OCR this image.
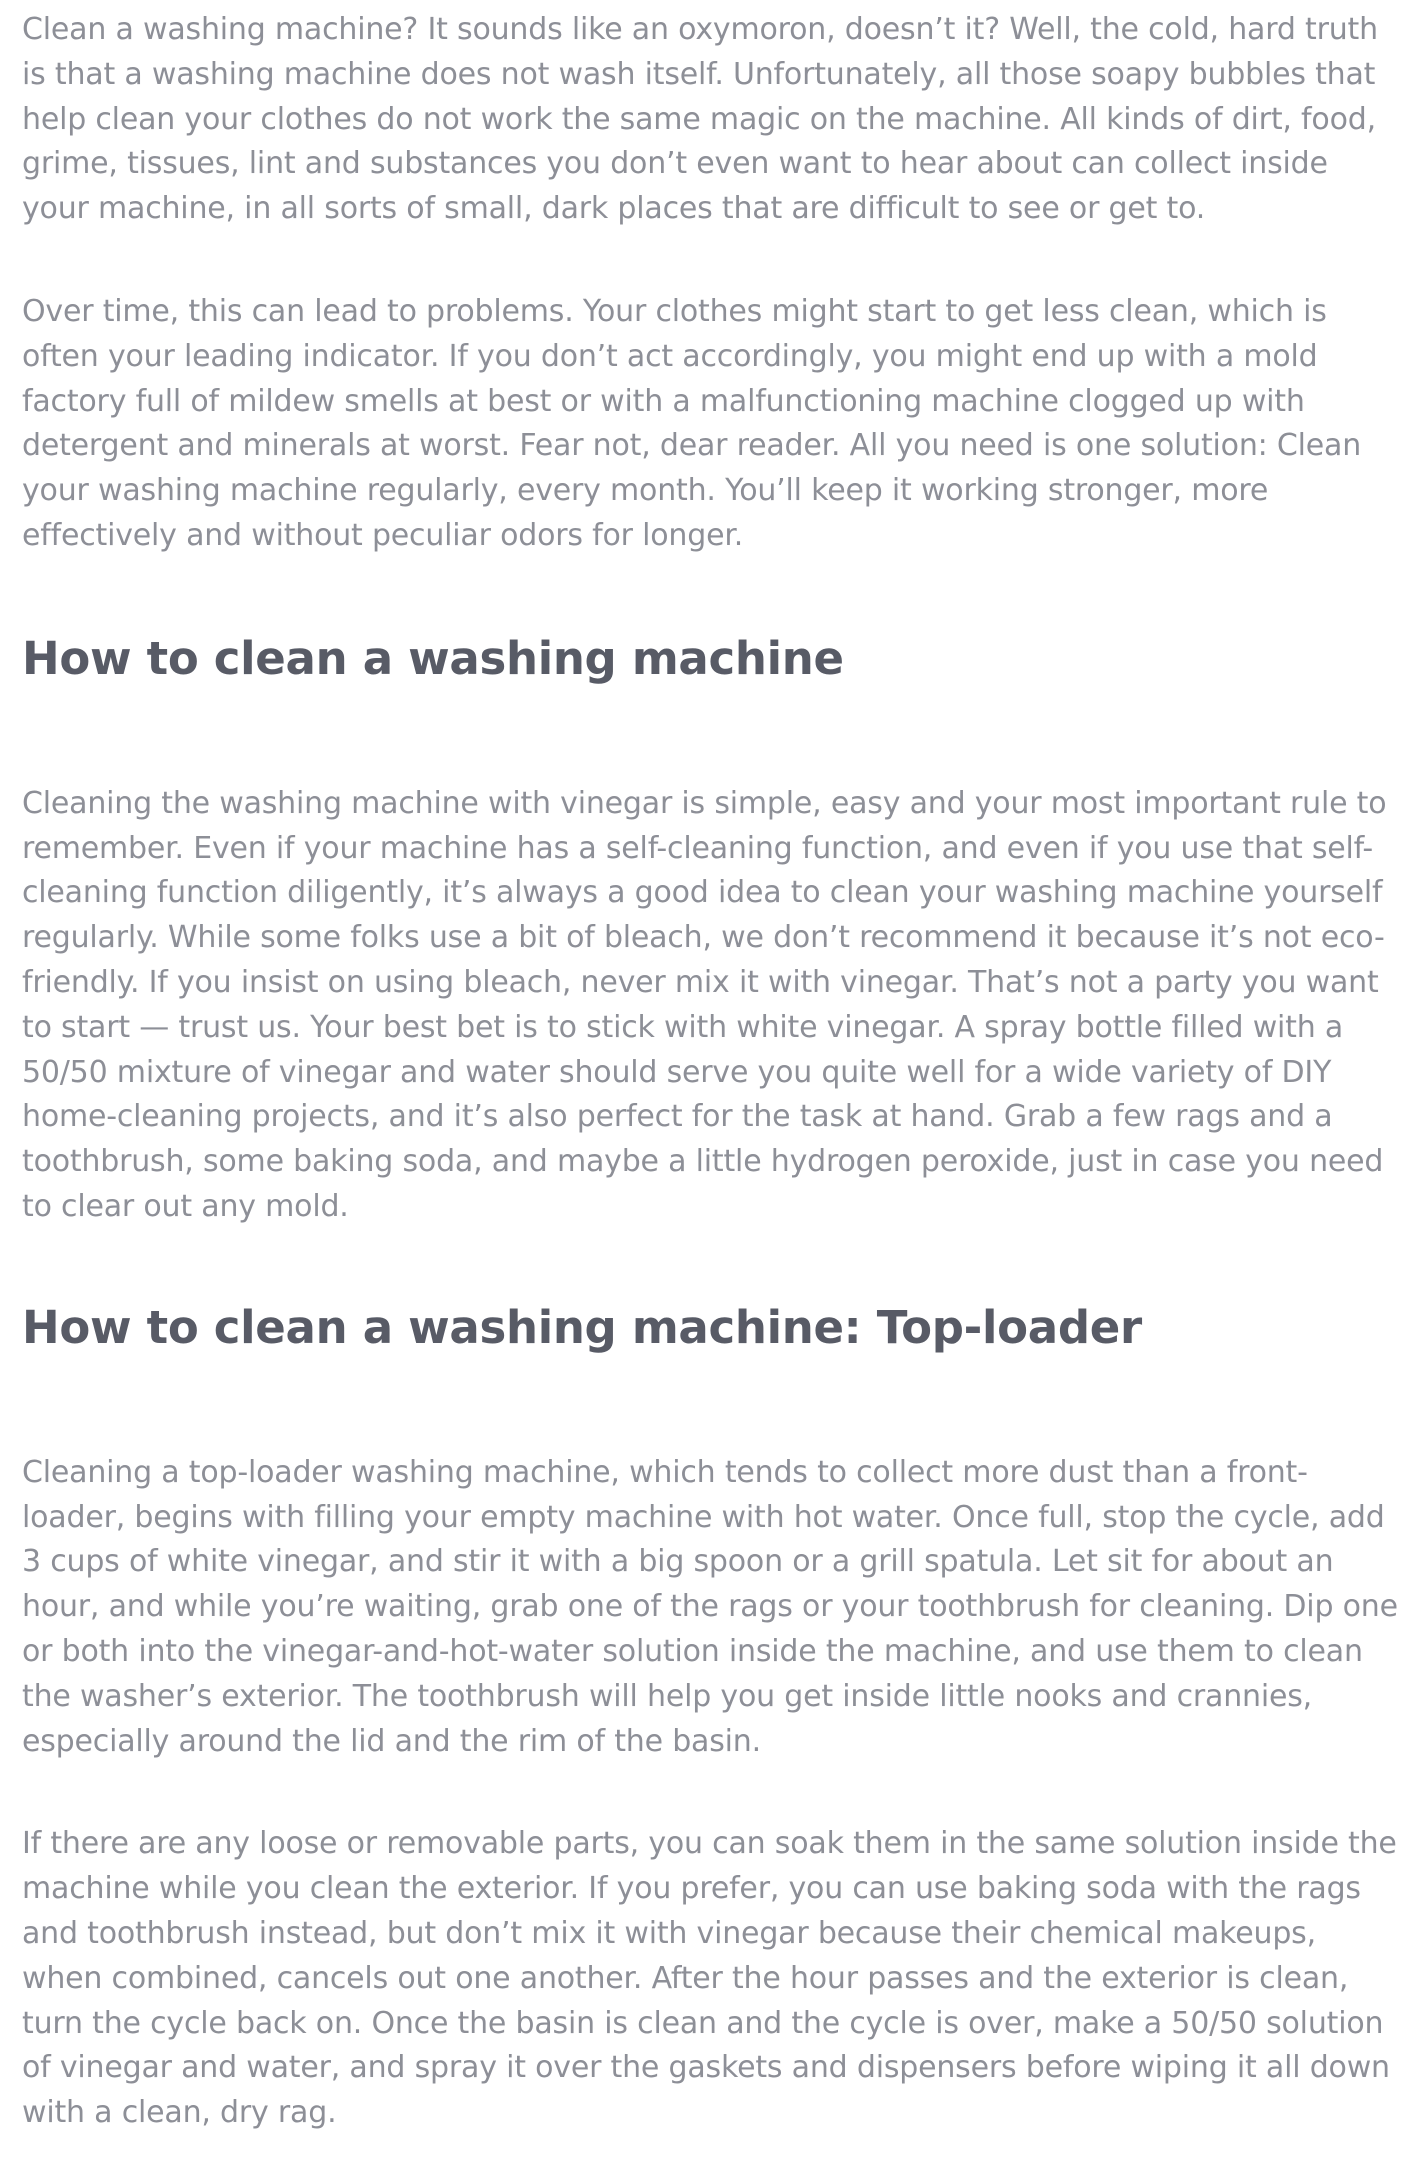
Clean a washing machine? It sounds like an oxymoron, doesn’t it? Well, the cold, hard truth is that a washing machine does not wash itself. Unfortunately, all those soapy bubbles that help clean your clothes do not work the same magic on the machine. All kinds of dirt, food, grime, tissues, lint and substances you don’t even want to hear about can collect inside your machine, in all sorts of small, dark places that are difficult to see or get to.

Over time, this can lead to problems. Your clothes might start to get less clean, which is often your leading indicator. If you don’t act accordingly, you might end up with a mold factory full of mildew smells at best or with a malfunctioning machine clogged up with detergent and minerals at worst. Fear not, dear reader. All you need is one solution: Clean your washing machine regularly, every month. You’ll keep it working stronger, more effectively and without peculiar odors for longer.

How to clean a washing machine

Cleaning the washing machine with vinegar is simple, easy and your most important rule to remember. Even if your machine has a self-cleaning function, and even if you use that self-cleaning function diligently, it’s always a good idea to clean your washing machine yourself regularly. While some folks use a bit of bleach, we don’t recommend it because it’s not eco-friendly. If you insist on using bleach, never mix it with vinegar. That’s not a party you want to start — trust us. Your best bet is to stick with white vinegar. A spray bottle filled with a 50/50 mixture of vinegar and water should serve you quite well for a wide variety of DIY home-cleaning projects, and it’s also perfect for the task at hand. Grab a few rags and a toothbrush, some baking soda, and maybe a little hydrogen peroxide, just in case you need to clear out any mold.

How to clean a washing machine: Top-loader

Cleaning a top-loader washing machine, which tends to collect more dust than a front-loader, begins with filling your empty machine with hot water. Once full, stop the cycle, add 3 cups of white vinegar, and stir it with a big spoon or a grill spatula. Let sit for about an hour, and while you’re waiting, grab one of the rags or your toothbrush for cleaning. Dip one or both into the vinegar-and-hot-water solution inside the machine, and use them to clean the washer’s exterior. The toothbrush will help you get inside little nooks and crannies, especially around the lid and the rim of the basin.

If there are any loose or removable parts, you can soak them in the same solution inside the machine while you clean the exterior. If you prefer, you can use baking soda with the rags and toothbrush instead, but don’t mix it with vinegar because their chemical makeups, when combined, cancels out one another. After the hour passes and the exterior is clean, turn the cycle back on. Once the basin is clean and the cycle is over, make a 50/50 solution of vinegar and water, and spray it over the gaskets and dispensers before wiping it all down with a clean, dry rag.
